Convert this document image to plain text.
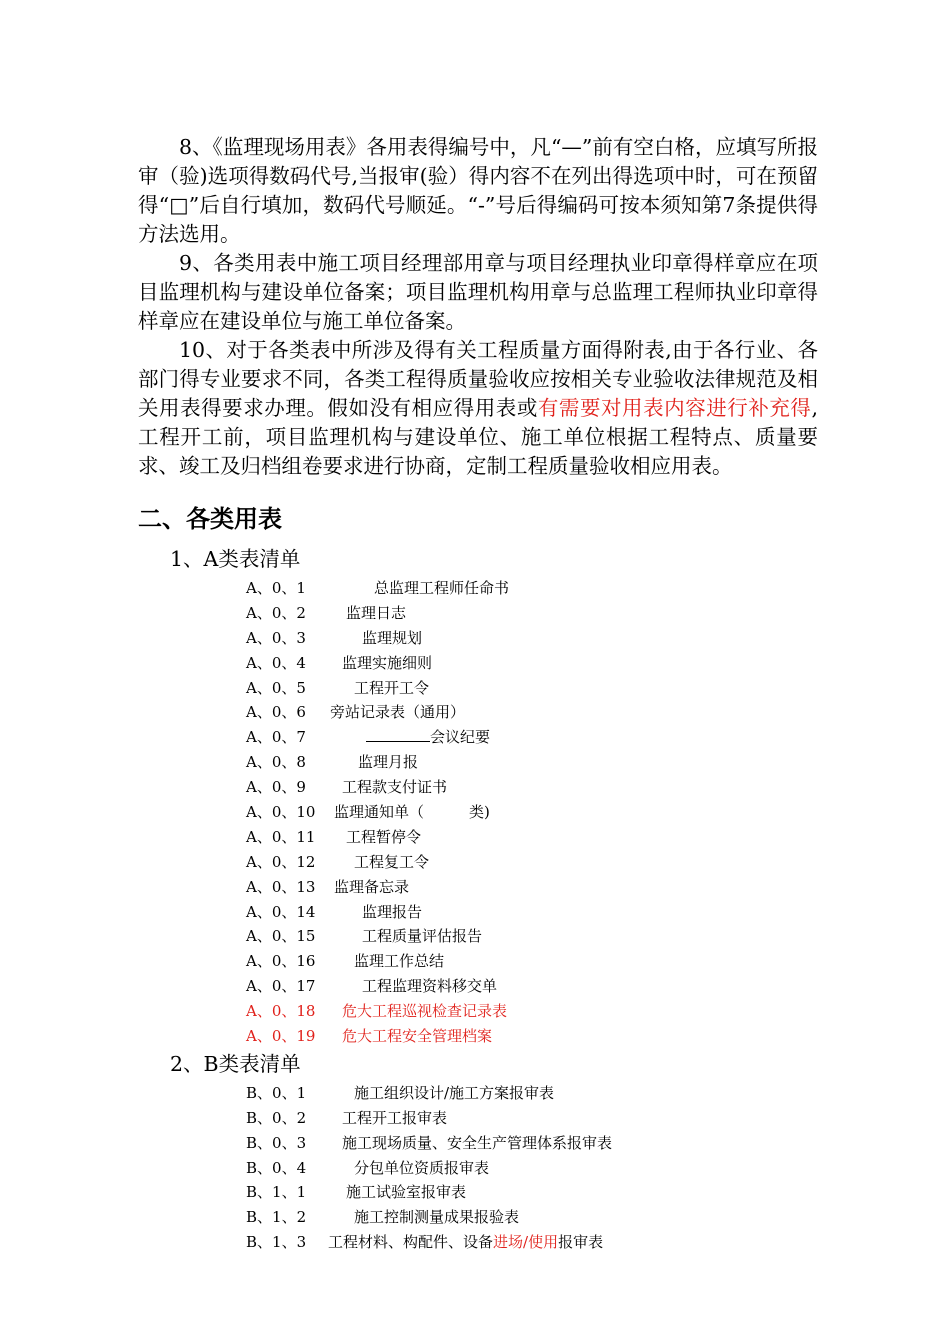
8、《监理现场用表》各用表得编号中，凡“—”前有空白格，应填写所报审（验)选项得数码代号,当报审(验）得内容不在列出得选项中时，可在预留得“□”后自行填加，数码代号顺延。“-”号后得编码可按本须知第7条提供得方法选用。

9、各类用表中施工项目经理部用章与项目经理执业印章得样章应在项目监理机构与建设单位备案；项目监理机构用章与总监理工程师执业印章得样章应在建设单位与施工单位备案。

10、对于各类表中所涉及得有关工程质量方面得附表,由于各行业、各部门得专业要求不同，各类工程得质量验收应按相关专业验收法律规范及相关用表得要求办理。假如没有相应得用表或有需要对用表内容进行补充得,工程开工前，项目监理机构与建设单位、施工单位根据工程特点、质量要求、竣工及归档组卷要求进行协商，定制工程质量验收相应用表。

二、各类用表
1、A类表清单
A、0、1	总监理工程师任命书
A、0、2	监理日志
A、0、3	监理规划
A、0、4 监理实施细则
A、0、5	工程开工令
A、0、6 旁站记录表（通用）
A、0、7	会议纪要
A、0、8	监理月报
A、0、9 工程款支付证书
A、0、10 监理通知单（　　　类)
A、0、11 工程暂停令
A、0、12	工程复工令
A、0、13 监理备忘录
A、0、14	监理报告
A、0、15	工程质量评估报告
A、0、16	监理工作总结
A、0、17	工程监理资料移交单
A、0、18 危大工程巡视检查记录表
A、0、19 危大工程安全管理档案
2、B类表清单
B、0、1	施工组织设计/施工方案报审表
B、0、2 工程开工报审表
B、0、3 施工现场质量、安全生产管理体系报审表
B、0、4	分包单位资质报审表
B、1、1	施工试验室报审表
B、1、2	施工控制测量成果报验表
B、1、3 工程材料、构配件、设备进场/使用报审表
